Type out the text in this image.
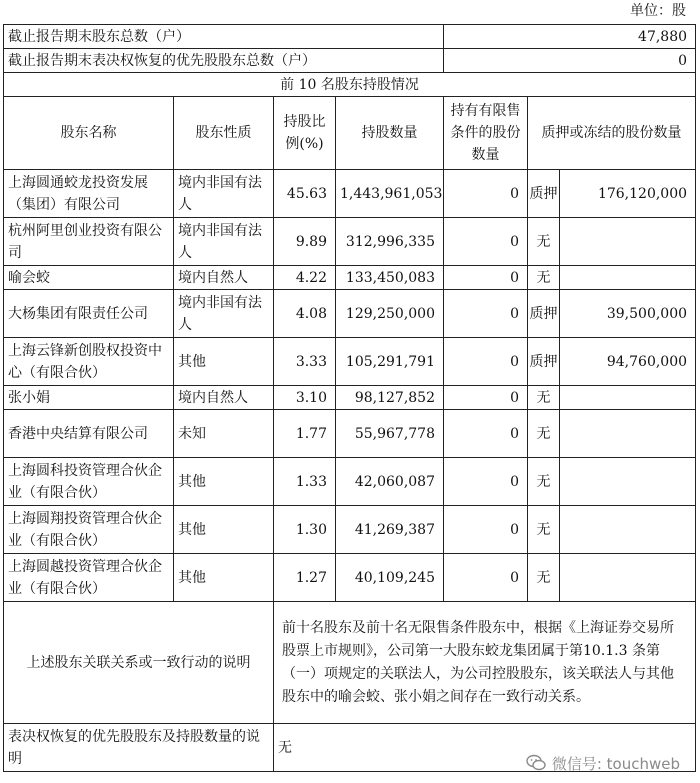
单位：股
截止报告期末股东总数（户）				47,880		
截止报告期末表决权恢复的优先股股东总数（户）				0		
前 10 名股东持股情况						
股东名称	股东性质	持股比例(%)	持股数量	持有有限售条件的股份数量	质押或冻结的股份数量	
上海圆通蛟龙投资发展（集团）有限公司	境内非国有法人	45.63	1,443,961,053	0	质押	176,120,000
杭州阿里创业投资有限公司	境内非国有法人	9.89	312,996,335	0	无	
喻会蛟	境内自然人	4.22	133,450,083	0	无	
大杨集团有限责任公司	境内非国有法人	4.08	129,250,000	0	质押	39,500,000
上海云锋新创股权投资中心（有限合伙）	其他	3.33	105,291,791	0	质押	94,760,000
张小娟	境内自然人	3.10	98,127,852	0	无	
香港中央结算有限公司	未知	1.77	55,967,778	0	无	
上海圆科投资管理合伙企业（有限合伙）	其他	1.33	42,060,087	0	无	
上海圆翔投资管理合伙企业（有限合伙）	其他	1.30	41,269,387	0	无	
上海圆越投资管理合伙企业（有限合伙）	其他	1.27	40,109,245	0	无	
上述股东关联关系或一致行动的说明		前十名股东及前十名无限售条件股东中，根据《上海证券交易所股票上市规则》，公司第一大股东蛟龙集团属于第10.1.3 条第（一）项规定的关联法人，为公司控股股东，该关联法人与其他股东中的喻会蛟、张小娟之间存在一致行动关系。				
表决权恢复的优先股股东及持股数量的说明		无				
微信号: touchweb
